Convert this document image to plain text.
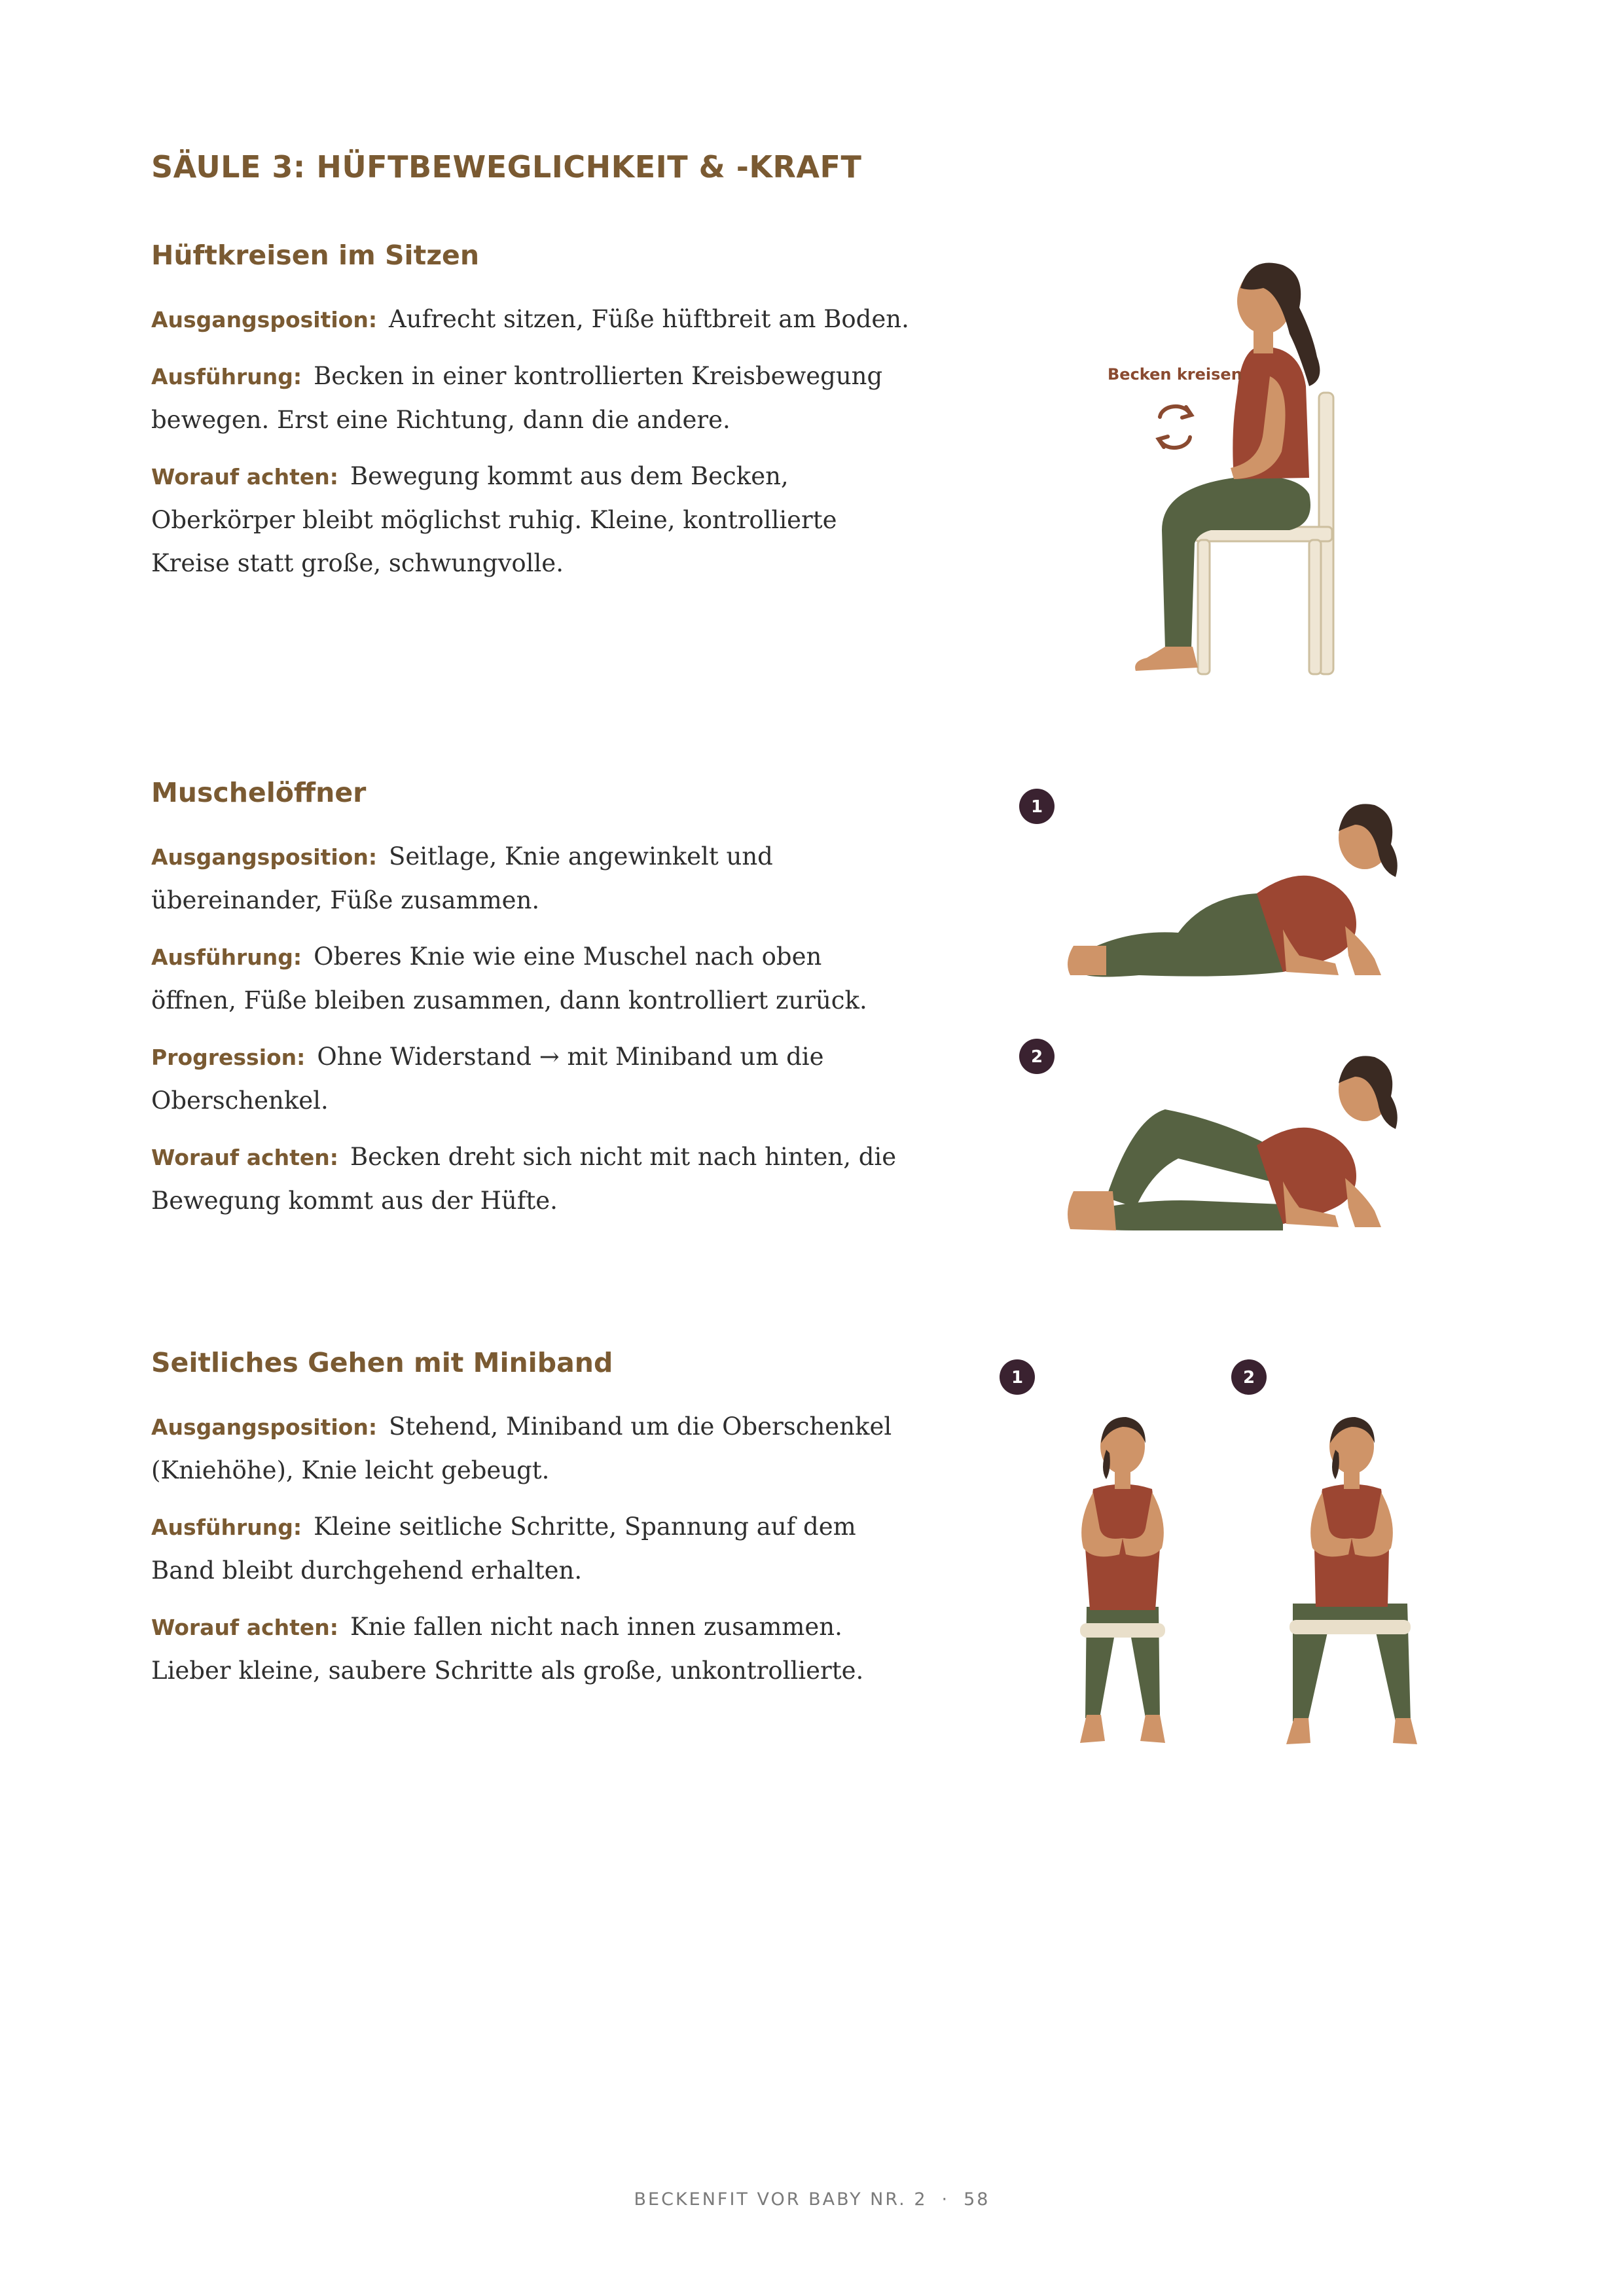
SÄULE 3: HÜFTBEWEGLICHKEIT & -KRAFT
Hüftkreisen im Sitzen

Ausgangsposition: Aufrecht sitzen, Füße hüftbreit am Boden.

Ausführung: Becken in einer kontrollierten Kreisbewegung bewegen. Erst eine Richtung, dann die andere.

Worauf achten: Bewegung kommt aus dem Becken, Oberkörper bleibt möglichst ruhig. Kleine, kontrollierte Kreise statt große, schwungvolle.

Becken kreisen
Muschelöffner

Ausgangsposition: Seitlage, Knie angewinkelt und übereinander, Füße zusammen.

Ausführung: Oberes Knie wie eine Muschel nach oben öffnen, Füße bleiben zusammen, dann kontrolliert zurück.

Progression: Ohne Widerstand → mit Miniband um die Oberschenkel.

Worauf achten: Becken dreht sich nicht mit nach hinten, die Bewegung kommt aus der Hüfte.

1
2
Seitliches Gehen mit Miniband

Ausgangsposition: Stehend, Miniband um die Oberschenkel (Kniehöhe), Knie leicht gebeugt.

Ausführung: Kleine seitliche Schritte, Spannung auf dem Band bleibt durchgehend erhalten.

Worauf achten: Knie fallen nicht nach innen zusammen. Lieber kleine, saubere Schritte als große, unkontrollierte.

1	2
BECKENFIT VOR BABY NR. 2 · 58
